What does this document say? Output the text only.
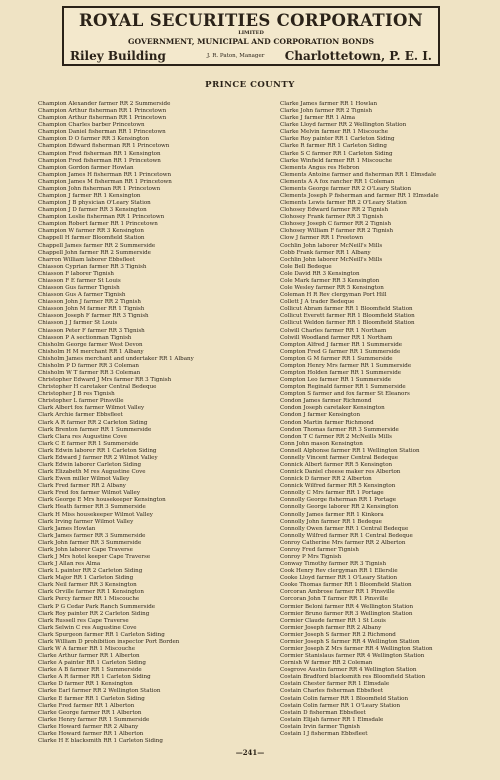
ROYAL SECURITIES CORPORATION
LIMITED
GOVERNMENT, MUNICIPAL AND CORPORATION BONDS
Riley Building	J. R. Paton, Manager Charlottetown, P. E. I.
PRINCE COUNTY
Champion Alexander farmer RR 2 Summerside
Champion Arthur fisherman RR 1 Princetown
Champion Arthur fisherman RR 1 Princetown
Champion Charles barber Princetown
Champion Daniel fisherman RR 1 Princetown
Champion D O farmer RR 3 Kensington
Champion Edward fisherman RR 1 Princetown
Champion Fred fisherman RR 1 Kensington
Champion Fred fisherman RR 1 Princetown
Champion Gordon farmer Howlan
Champion James H fisherman RR 1 Princetown
Champion James M fisherman RR 1 Princetown
Champion John fisherman RR 1 Princetown
Champion J farmer RR 1 Kensington
Champion J B physician O'Leary Station
Champion J D farmer RR 3 Kensington
Champion Leslie fisherman RR 1 Princetown
Champion Robert farmer RR 1 Princetown
Champion W farmer RR 3 Kensington
Chappell H farmer Bloomfield Station
Chappell James farmer RR 2 Summerside
Chappell John farmer RR 2 Summerside
Charron William laborer Ebbsfleet
Chiasson Cyprian farmer RR 3 Tignish
Chiasson F laborer Tignish
Chiasson F E farmer St Louis
Chiasson Gus farmer Tignish
Chiasson Gus A farmer Tignish
Chiasson John J farmer RR 2 Tignish
Chiasson John M farmer RR 1 Tignish
Chiasson Joseph F farmer RR 3 Tignish
Chiasson J J farmer St Louis
Chiasson Peter F farmer RR 3 Tignish
Chiasson P A sectionman Tignish
Chisholm George farmer West Devon
Chisholm H M merchant RR 1 Albany
Chisholm James merchant and undertaker RR 1 Albany
Chisholm P D farmer RR 3 Coleman
Chisholm W T farmer RR 3 Coleman
Christopher Edward J Mrs farmer RR 3 Tignish
Christopher H caretaker Central Bedeque
Christopher J B res Tignish
Christopher L farmer Pinsville
Clark Albert fox farmer Wilmot Valley
Clark Archie farmer Ebbsfleet
Clark A R farmer RR 2 Carleton Siding
Clark Brenton farmer RR 1 Summerside
Clark Clara res Augustine Cove
Clark C E farmer RR 1 Summerside
Clark Edwin laborer RR 1 Carleton Siding
Clark Edward J farmer RR 2 Wilmot Valley
Clark Edwin laborer Carleton Siding
Clark Elizabeth M res Augustine Cove
Clark Ewen miller Wilmot Valley
Clark Fred farmer RR 2 Albany
Clark Fred fox farmer Wilmot Valley
Clark George E Mrs housekeeper Kensington
Clark Heath farmer RR 3 Summerside
Clark H Miss housekeeper Wilmot Valley
Clark Irving farmer Wilmot Valley
Clark James Howlan
Clark James farmer RR 3 Summerside
Clark John farmer RR 3 Summerside
Clark John laborer Cape Traverse
Clark J Mrs hotel keeper Cape Traverse
Clark J Allan res Alma
Clark L painter RR 2 Carleton Siding
Clark Major RR 1 Carleton Siding
Clark Neil farmer RR 3 Kensington
Clark Orville farmer RR 1 Kensington
Clark Percy farmer RR 1 Miscouche
Clark P G Cedar Park Ranch Summerside
Clark Roy painter RR 2 Carleton Siding
Clark Russell res Cape Traverse
Clark Selwin C res Augustine Cove
Clark Spurgeon farmer RR 1 Carleton Siding
Clark William D prohibition inspector Port Borden
Clark W A farmer RR 1 Miscouche
Clarke Arthur farmer RR 1 Alberton
Clarke A painter RR 1 Carleton Siding
Clarke A B farmer RR 1 Summerside
Clarke A R farmer RR 1 Carleton Siding
Clarke D farmer RR 1 Kensington
Clarke Earl farmer RR 2 Wellington Station
Clarke E farmer RR 1 Carleton Siding
Clarke Fred farmer RR 1 Alberton
Clarke George farmer RR 1 Alberton
Clarke Henry farmer RR 1 Summerside
Clarke Howard farmer RR 2 Albany
Clarke Howard farmer RR 1 Alberton
Clarke H E blacksmith RR 1 Carleton Siding
Clarke James farmer RR 1 Howlan
Clarke John farmer RR 2 Tignish
Clarke J farmer RR 1 Alma
Clarke Lloyd farmer RR 2 Wellington Station
Clarke Melvin farmer RR 1 Miscouche
Clarke Roy painter RR 1 Carleton Siding
Clarke R farmer RR 1 Carleton Siding
Clarke S C farmer RR 1 Carleton Siding
Clarke Winfield farmer RR 1 Miscouche
Clements Angus res Hebron
Clements Antoine farmer and fisherman RR 1 Elmsdale
Clements A A fox rancher RR 1 Coleman
Clements George farmer RR 2 O'Leary Station
Clements Joseph P fisherman and farmer RR 1 Elmsdale
Clements Lewis farmer RR 2 O'Leary Station
Clohosey Edward farmer RR 2 Tignish
Clohosey Frank farmer RR 3 Tignish
Clohosey Joseph C farmer RR 2 Tignish
Clohosey William F farmer RR 2 Tignish
Clow J farmer RR 1 Freetown
Cochlin John laborer McNeill's Mills
Cobb Frank farmer RR 1 Albany
Cochlin John laborer McNeill's Mills
Cole Bell Bedeque
Cole David RR 3 Kensington
Cole Mark farmer RR 3 Kensington
Cole Wesley farmer RR 5 Kensington
Coleman H R Rev clergyman Port Hill
Collett J A trader Bedeque
Collicut Abram farmer RR 1 Bloomfield Station
Collicut Everett farmer RR 1 Bloomfield Station
Collicut Weldon farmer RR 1 Bloomfield Station
Colwill Charles farmer RR 1 Northam
Colwill Woodland farmer RR 1 Northam
Compton Alfred J farmer RR 1 Summerside
Compton Fred G farmer RR 1 Summerside
Compton G M farmer RR 1 Summerside
Compton Henry Mrs farmer RR 1 Summerside
Compton Holden farmer RR 1 Summerside
Compton Leo farmer RR 1 Summerside
Compton Reginald farmer RR 1 Summerside
Compton S farmer and fox farmer St Eleanors
Condon James farmer Richmond
Condon Joseph caretaker Kensington
Condon J farmer Kensington
Condon Martin farmer Richmond
Condon Thomas farmer RR 3 Summerside
Condon T C farmer RR 2 McNeills Mills
Conn John mason Kensington
Connell Alphonse farmer RR 1 Wellington Station
Connelly Vincent farmer Central Bedeque
Connick Albert farmer RR 5 Kensington
Connick Daniel cheese maker res Alberton
Connick D farmer RR 2 Alberton
Connick Wilfred farmer RR 5 Kensington
Connolly C Mrs farmer RR 1 Portage
Connolly George fisherman RR 1 Portage
Connolly George laborer RR 2 Kensington
Connolly James farmer RR 1 Kinkora
Connolly John farmer RR 1 Bedeque
Connolly Owen farmer RR 1 Central Bedeque
Connolly Wilfred farmer RR 1 Central Bedeque
Conroy Catherine Mrs farmer RR 2 Alberton
Conroy Fred farmer Tignish
Conroy P Mrs Tignish
Conway Timothy farmer RR 3 Tignish
Cook Henry Rev clergyman RR 1 Ellerslie
Cooke Lloyd farmer RR 1 O'Leary Station
Cooke Thomas farmer RR 1 Bloomfield Station
Corcoran Ambrose farmer RR 1 Pinsville
Corcoran John T farmer RR 1 Pinsville
Cormier Beloni farmer RR 4 Wellington Station
Cormier Bruno farmer RR 3 Wellington Station
Cormier Claude farmer RR 1 St Louis
Cormier Joseph farmer RR 2 Albany
Cormier Joseph S farmer RR 2 Richmond
Cormier Joseph S farmer RR 4 Wellington Station
Cormier Joseph Z Mrs farmer RR 4 Wellington Station
Cormier Stanislaus farmer RR 4 Wellington Station
Cornish W farmer RR 2 Coleman
Cosgrove Austin farmer RR 4 Wellington Station
Costain Bradford blacksmith res Bloomfield Station
Costain Chester farmer RR 1 Elmsdale
Costain Charles fisherman Ebbsfleet
Costain Colin farmer RR 1 Bloomfield Station
Costain Colin farmer RR 1 O'Leary Station
Costain D fisherman Ebbsfleet
Costain Elijah farmer RR 1 Elmsdale
Costain Irvin farmer Tignish
Costain I J fisherman Ebbsfleet
—241—
